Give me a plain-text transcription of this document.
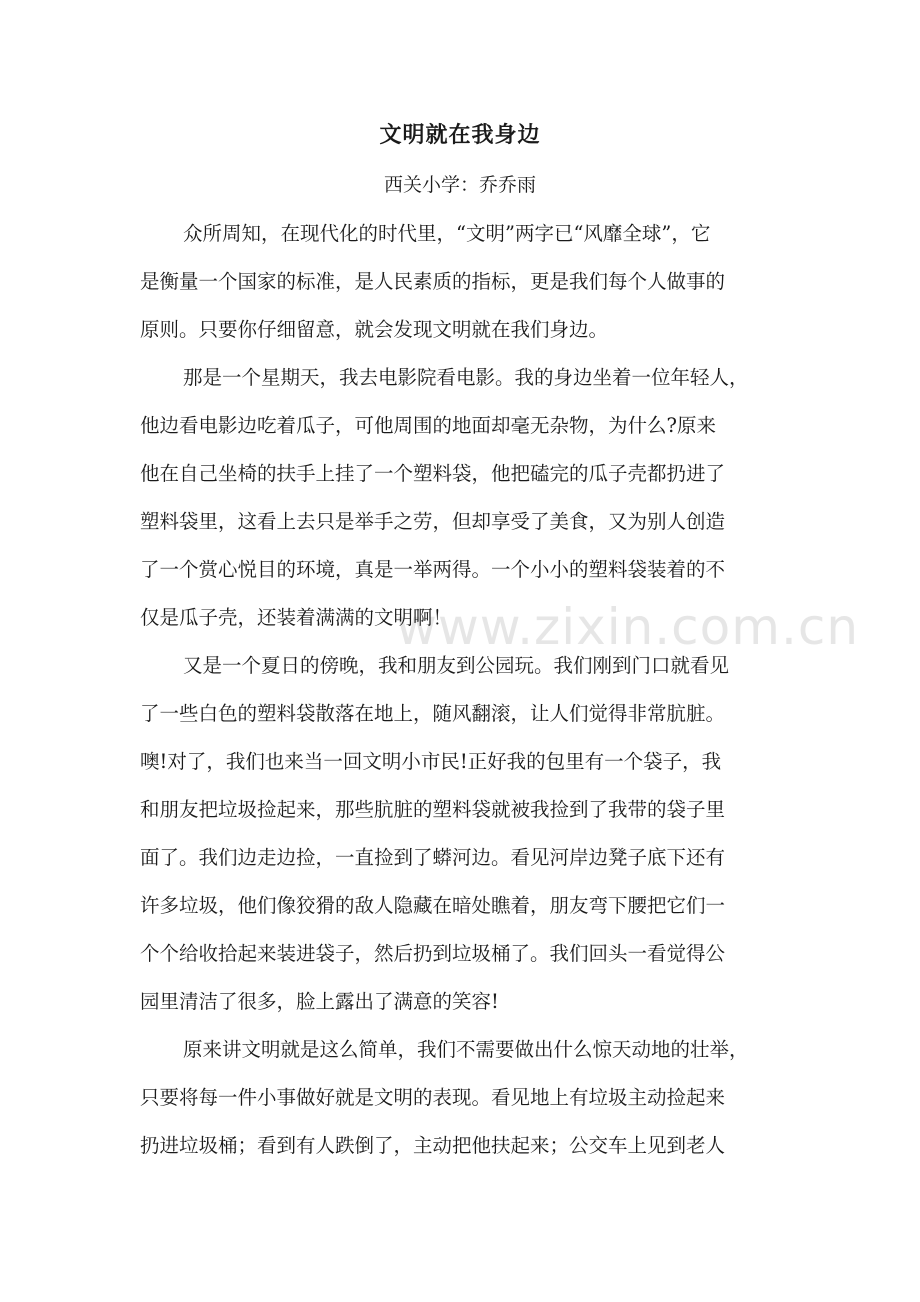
文明就在我身边

西关小学：乔乔雨

www.zixin.com.cn

众所周知，在现代化的时代里，“文明”两字已“风靡全球”，它

是衡量一个国家的标准，是人民素质的指标，更是我们每个人做事的

原则。只要你仔细留意，就会发现文明就在我们身边。

那是一个星期天，我去电影院看电影。我的身边坐着一位年轻人，

他边看电影边吃着瓜子，可他周围的地面却毫无杂物，为什么?原来

他在自己坐椅的扶手上挂了一个塑料袋，他把磕完的瓜子壳都扔进了

塑料袋里，这看上去只是举手之劳，但却享受了美食，又为别人创造

了一个赏心悦目的环境，真是一举两得。一个小小的塑料袋装着的不

仅是瓜子壳，还装着满满的文明啊！

又是一个夏日的傍晚，我和朋友到公园玩。我们刚到门口就看见

了一些白色的塑料袋散落在地上，随风翻滚，让人们觉得非常肮脏。

噢!对了，我们也来当一回文明小市民!正好我的包里有一个袋子，我

和朋友把垃圾捡起来，那些肮脏的塑料袋就被我捡到了我带的袋子里

面了。我们边走边捡，一直捡到了蟒河边。看见河岸边凳子底下还有

许多垃圾，他们像狡猾的敌人隐藏在暗处瞧着，朋友弯下腰把它们一

个个给收拾起来装进袋子，然后扔到垃圾桶了。我们回头一看觉得公

园里清洁了很多，脸上露出了满意的笑容!

原来讲文明就是这么简单，我们不需要做出什么惊天动地的壮举，

只要将每一件小事做好就是文明的表现。看见地上有垃圾主动捡起来

扔进垃圾桶；看到有人跌倒了，主动把他扶起来；公交车上见到老人
